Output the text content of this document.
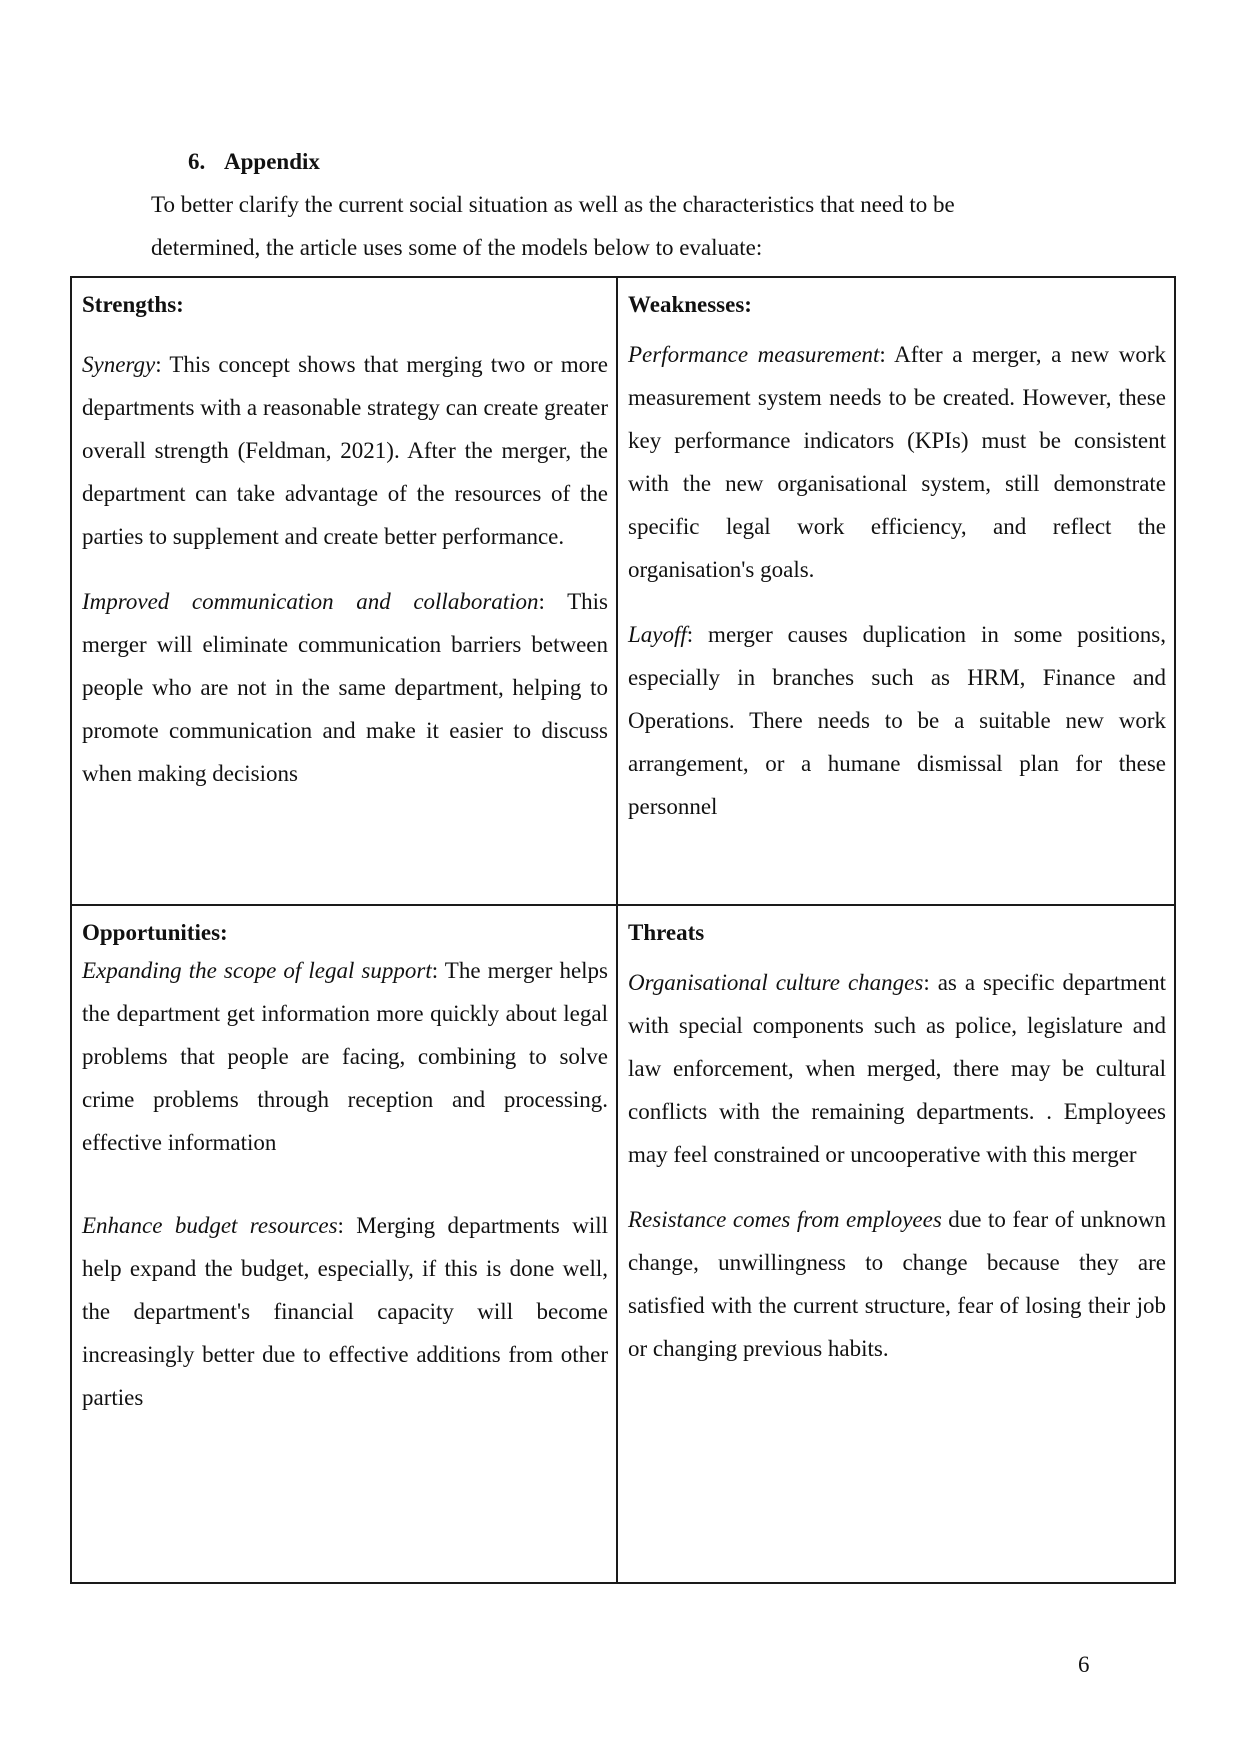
6. Appendix
To better clarify the current social situation as well as the characteristics that need to be determined, the article uses some of the models below to evaluate:
Strengths:

Synergy: This concept shows that merging two or more departments with a reasonable strategy can create greater overall strength (Feldman, 2021). After the merger, the department can take advantage of the resources of the parties to supplement and create better performance.

Improved communication and collaboration: This merger will eliminate communication barriers between people who are not in the same department, helping to promote communication and make it easier to discuss when making decisions

Weaknesses:

Performance measurement: After a merger, a new work measurement system needs to be created. However, these key performance indicators (KPIs) must be consistent with the new organisational system, still demonstrate specific legal work efficiency, and reflect the organisation's goals.

Layoff: merger causes duplication in some positions, especially in branches such as HRM, Finance and Operations. There needs to be a suitable new work arrangement, or a humane dismissal plan for these personnel

Opportunities:

Expanding the scope of legal support: The merger helps the department get information more quickly about legal problems that people are facing, combining to solve crime problems through reception and processing. effective information

Enhance budget resources: Merging departments will help expand the budget, especially, if this is done well, the department's financial capacity will become increasingly better due to effective additions from other parties

Threats

Organisational culture changes: as a specific department with special components such as police, legislature and law enforcement, when merged, there may be cultural conflicts with the remaining departments. . Employees may feel constrained or uncooperative with this merger

Resistance comes from employees due to fear of unknown change, unwillingness to change because they are satisfied with the current structure, fear of losing their job or changing previous habits.

6
